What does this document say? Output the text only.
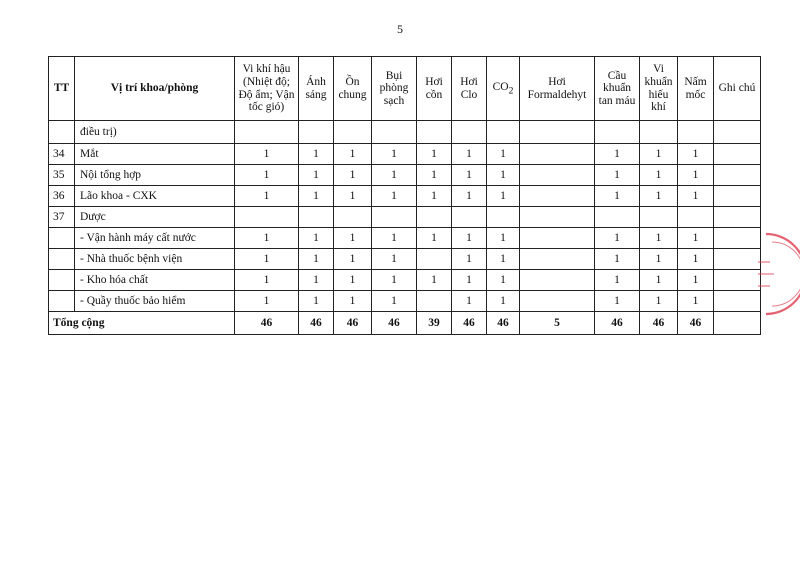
5
TT	Vị trí khoa/phòng	Vi khí hậu (Nhiệt độ; Độ ẩm; Vận tốc gió)	Ánh sáng	Ồn chung	Bụi phòng sạch	Hơi cồn	Hơi Clo	$CO_2$	Hơi Formaldehyt	Cầu khuẩn tan máu	Vi khuẩn hiếu khí	Nấm mốc	Ghi chú
	điều trị)												
34	Mắt	1	1	1	1	1	1	1		1	1	1	
35	Nội tổng hợp	1	1	1	1	1	1	1		1	1	1	
36	Lão khoa - CXK	1	1	1	1	1	1	1		1	1	1	
37	Dược												
	- Vận hành máy cất nước	1	1	1	1	1	1	1		1	1	1	
	- Nhà thuốc bệnh viện	1	1	1	1		1	1		1	1	1	
	- Kho hóa chất	1	1	1	1	1	1	1		1	1	1	
	- Quầy thuốc bảo hiểm	1	1	1	1		1	1		1	1	1	
Tổng cộng		46	46	46	46	39	46	46	5	46	46	46	
